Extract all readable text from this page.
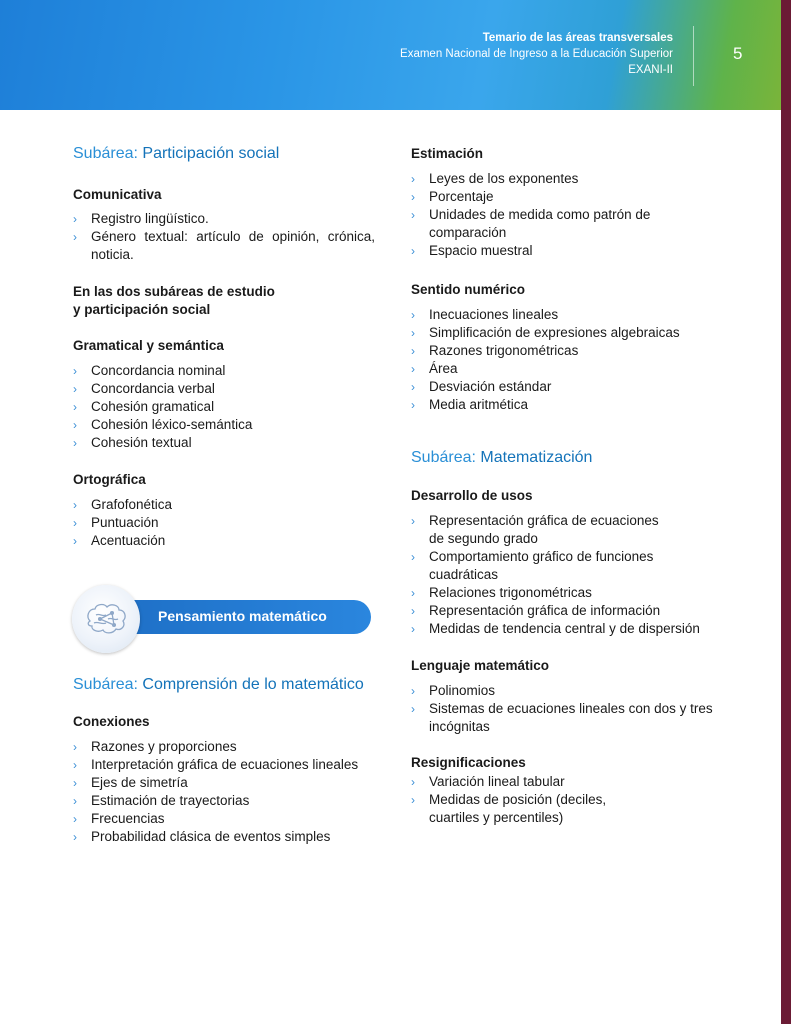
Temario de las áreas transversales
Examen Nacional de Ingreso a la Educación Superior
EXANI-II
5
Subárea: Participación social
Comunicativa
› Registro lingüístico.
› Género textual: artículo de opinión, crónica, noticia.
En las dos subáreas de estudio
y participación social
Gramatical y semántica
› Concordancia nominal
› Concordancia verbal
› Cohesión gramatical
› Cohesión léxico-semántica
› Cohesión textual
Ortográfica
› Grafofonética
› Puntuación
› Acentuación
Pensamiento matemático
Subárea: Comprensión de lo matemático
Conexiones
› Razones y proporciones
› Interpretación gráfica de ecuaciones lineales
› Ejes de simetría
› Estimación de trayectorias
› Frecuencias
› Probabilidad clásica de eventos simples
Estimación
› Leyes de los exponentes
› Porcentaje
› Unidades de medida como patrón de comparación
› Espacio muestral
Sentido numérico
› Inecuaciones lineales
› Simplificación de expresiones algebraicas
› Razones trigonométricas
› Área
› Desviación estándar
› Media aritmética
Subárea: Matematización
Desarrollo de usos
› Representación gráfica de ecuaciones de segundo grado
› Comportamiento gráfico de funciones cuadráticas
› Relaciones trigonométricas
› Representación gráfica de información
› Medidas de tendencia central y de dispersión
Lenguaje matemático
› Polinomios
› Sistemas de ecuaciones lineales con dos y tres incógnitas
Resignificaciones
› Variación lineal tabular
› Medidas de posición (deciles, cuartiles y percentiles)
